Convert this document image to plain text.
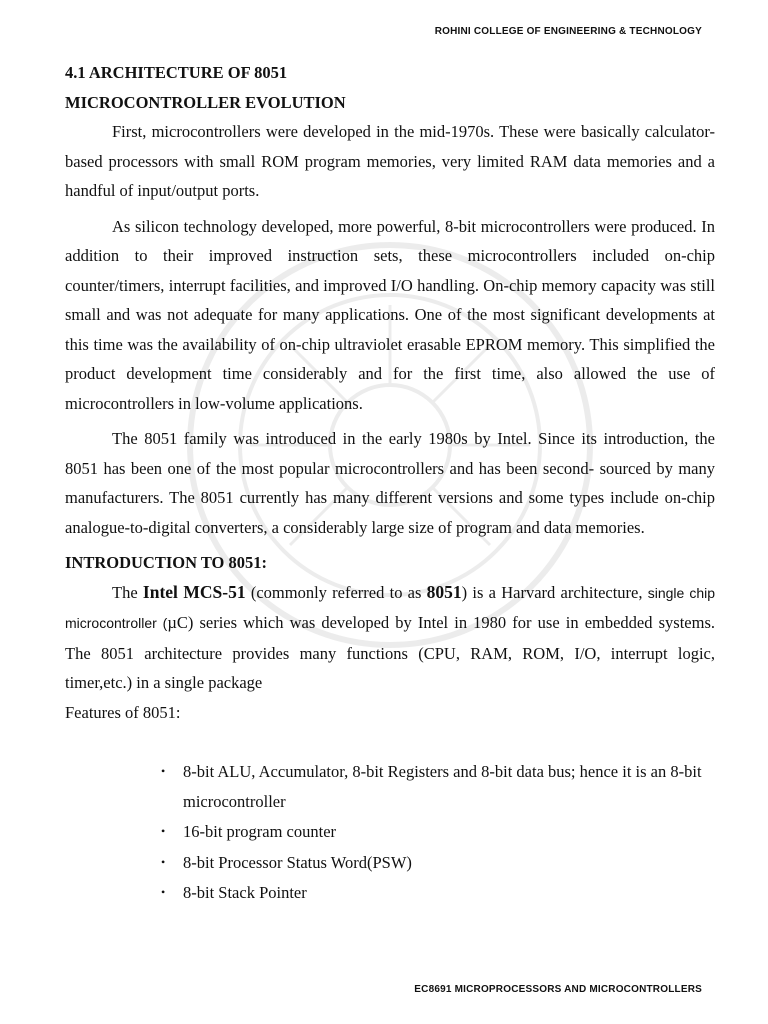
ROHINI COLLEGE OF ENGINEERING & TECHNOLOGY
4.1 ARCHITECTURE OF 8051
MICROCONTROLLER EVOLUTION

First, microcontrollers were developed in the mid-1970s. These were basically calculator- based processors with small ROM program memories, very limited RAM data memories and a handful of input/output ports.

As silicon technology developed, more powerful, 8-bit microcontrollers were produced. In addition to their improved instruction sets, these microcontrollers included on-chip counter/timers, interrupt facilities, and improved I/O handling. On-chip memory capacity was still small and was not adequate for many applications. One of the most significant developments at this time was the availability of on-chip ultraviolet erasable EPROM memory. This simplified the product development time considerably and for the first time, also allowed the use of microcontrollers in low-volume applications.

The 8051 family was introduced in the early 1980s by Intel. Since its introduction, the 8051 has been one of the most popular microcontrollers and has been second- sourced by many manufacturers. The 8051 currently has many different versions and some types include on-chip analogue-to-digital converters, a considerably large size of program and data memories.

INTRODUCTION TO 8051:

The Intel MCS-51 (commonly referred to as 8051) is a Harvard architecture, single chip microcontroller (µC) series which was developed by Intel in 1980 for use in embedded systems. The 8051 architecture provides many functions (CPU, RAM, ROM, I/O, interrupt logic, timer,etc.) in a single package

Features of 8051:

• 8-bit ALU, Accumulator, 8-bit Registers and 8-bit data bus; hence it is an 8-bit microcontroller
• 16-bit program counter
• 8-bit Processor Status Word(PSW)
• 8-bit Stack Pointer
EC8691 MICROPROCESSORS AND MICROCONTROLLERS
